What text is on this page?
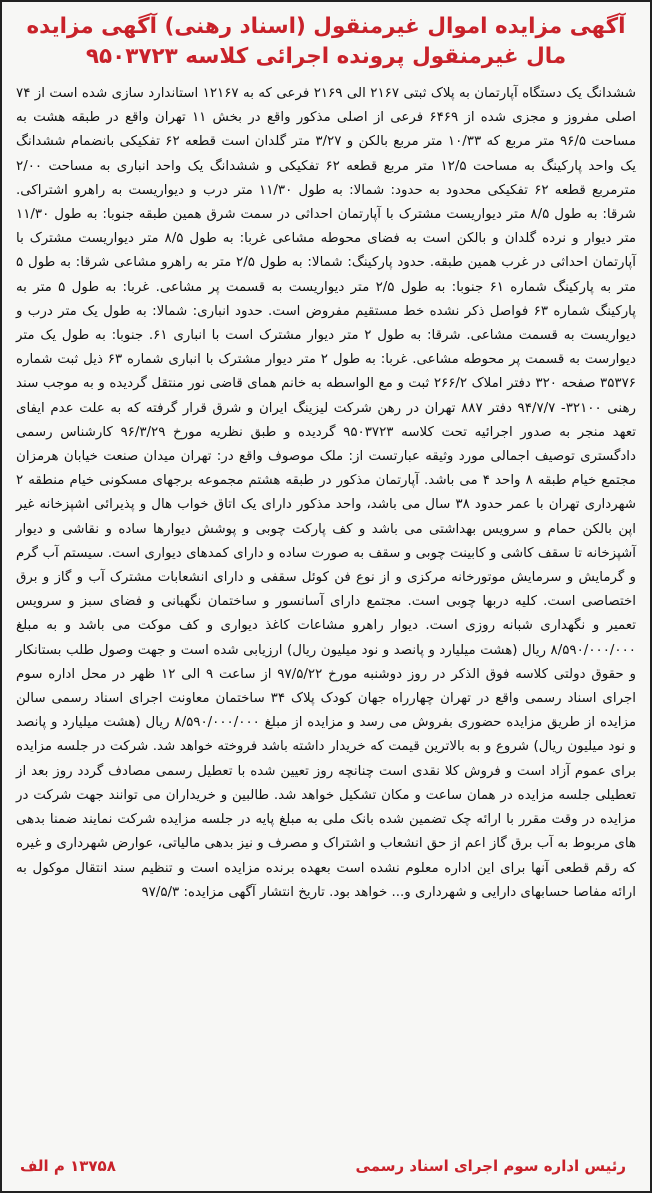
آگهی مزایده اموال غیرمنقول (اسناد رهنی) آگهی مزایده
مال غیرمنقول پرونده اجرائی کلاسه ۹۵۰۳۷۲۳

ششدانگ یک دستگاه آپارتمان به پلاک ثبتی ۲۱۶۷ الی ۲۱۶۹ فرعی که به ۱۲۱۶۷ استاندارد سازی شده است از ۷۴ اصلی مفروز و مجزی شده از ۶۴۶۹ فرعی از اصلی مذکور واقع در بخش ۱۱ تهران واقع در طبقه هشت به مساحت ۹۶/۵ متر مربع که ۱۰/۳۳ متر مربع بالکن و ۳/۲۷ متر گلدان است قطعه ۶۲ تفکیکی بانضمام ششدانگ یک واحد پارکینگ به مساحت ۱۲/۵ متر مربع قطعه ۶۲ تفکیکی و ششدانگ یک واحد انباری به مساحت ۲/۰۰ مترمربع قطعه ۶۲ تفکیکی محدود به حدود: شمالا: به طول ۱۱/۳۰ متر درب و دیواریست به راهرو اشتراکی. شرقا: به طول ۸/۵ متر دیواریست مشترک با آپارتمان احداثی در سمت شرق همین طبقه جنوبا: به طول ۱۱/۳۰ متر دیوار و نرده گلدان و بالکن است به فضای محوطه مشاعی غربا: به طول ۸/۵ متر دیواریست مشترک با آپارتمان احداثی در غرب همین طبقه. حدود پارکینگ: شمالا: به طول ۲/۵ متر به راهرو مشاعی شرقا: به طول ۵ متر به پارکینگ شماره ۶۱ جنوبا: به طول ۲/۵ متر دیواریست به قسمت پر مشاعی. غربا: به طول ۵ متر به پارکینگ شماره ۶۳ فواصل ذکر نشده خط مستقیم مفروض است. حدود انباری: شمالا: به طول یک متر درب و دیواریست به قسمت مشاعی. شرقا: به طول ۲ متر دیوار مشترک است با انباری ۶۱. جنوبا: به طول یک متر دیوارست به قسمت پر محوطه مشاعی. غربا: به طول ۲ متر دیوار مشترک با انباری شماره ۶۳ ذیل ثبت شماره ۳۵۳۷۶ صفحه ۳۲۰ دفتر املاک ۲۶۶/۲ ثبت و مع الواسطه به خانم همای قاضی نور منتقل گردیده و به موجب سند رهنی ۳۲۱۰۰- ۹۴/۷/۷ دفتر ۸۸۷ تهران در رهن شرکت لیزینگ ایران و شرق قرار گرفته که به علت عدم ایفای تعهد منجر به صدور اجرائیه تحت کلاسه ۹۵۰۳۷۲۳ گردیده و طبق نظریه مورخ ۹۶/۳/۲۹ کارشناس رسمی دادگستری توصیف اجمالی مورد وثیقه عبارتست از: ملک موصوف واقع در: تهران میدان صنعت خیابان هرمزان مجتمع خیام طبقه ۸ واحد ۴ می باشد. آپارتمان مذکور در طبقه هشتم مجموعه برجهای مسکونی خیام منطقه ۲ شهرداری تهران با عمر حدود ۳۸ سال می باشد، واحد مذکور دارای یک اتاق خواب هال و پذیرائی اشپزخانه غیر اپن بالکن حمام و سرویس بهداشتی می باشد و کف پارکت چوبی و پوشش دیوارها ساده و نقاشی و دیوار آشپزخانه تا سقف کاشی و کابینت چوبی و سقف به صورت ساده و دارای کمدهای دیواری است. سیستم آب گرم و گرمایش و سرمایش موتورخانه مرکزی و از نوع فن کوئل سقفی و دارای انشعابات مشترک آب و گاز و برق اختصاصی است. کلیه دربها چوبی است. مجتمع دارای آسانسور و ساختمان نگهبانی و فضای سبز و سرویس تعمیر و نگهداری شبانه روزی است. دیوار راهرو مشاعات کاغذ دیواری و کف موکت می باشد و به مبلغ ۸/۵۹۰/۰۰۰/۰۰۰ ریال (هشت میلیارد و پانصد و نود میلیون ریال) ارزیابی شده است و جهت وصول طلب بستانکار و حقوق دولتی کلاسه فوق الذکر در روز دوشنبه مورخ ۹۷/۵/۲۲ از ساعت ۹ الی ۱۲ ظهر در محل اداره سوم اجرای اسناد رسمی واقع در تهران چهارراه جهان کودک پلاک ۳۴ ساختمان معاونت اجرای اسناد رسمی سالن مزایده از طریق مزایده حضوری بفروش می رسد و مزایده از مبلغ ۸/۵۹۰/۰۰۰/۰۰۰ ریال (هشت میلیارد و پانصد و نود میلیون ریال) شروع و به بالاترین قیمت که خریدار داشته باشد فروخته خواهد شد. شرکت در جلسه مزایده برای عموم آزاد است و فروش کلا نقدی است چنانچه روز تعیین شده با تعطیل رسمی مصادف گردد روز بعد از تعطیلی جلسه مزایده در همان ساعت و مکان تشکیل خواهد شد. طالبین و خریداران می توانند جهت شرکت در مزایده در وقت مقرر با ارائه چک تضمین شده بانک ملی به مبلغ پایه در جلسه مزایده شرکت نمایند ضمنا بدهی های مربوط به آب برق گاز اعم از حق انشعاب و اشتراک و مصرف و نیز بدهی مالیاتی، عوارض شهرداری و غیره که رقم قطعی آنها برای این اداره معلوم نشده است بعهده برنده مزایده است و تنظیم سند انتقال موکول به ارائه مفاصا حسابهای دارایی و شهرداری و... خواهد بود. تاریخ انتشار آگهی مزایده: ۹۷/۵/۳

رئیس اداره سوم اجرای اسناد رسمی
۱۳۷۵۸ م الف
